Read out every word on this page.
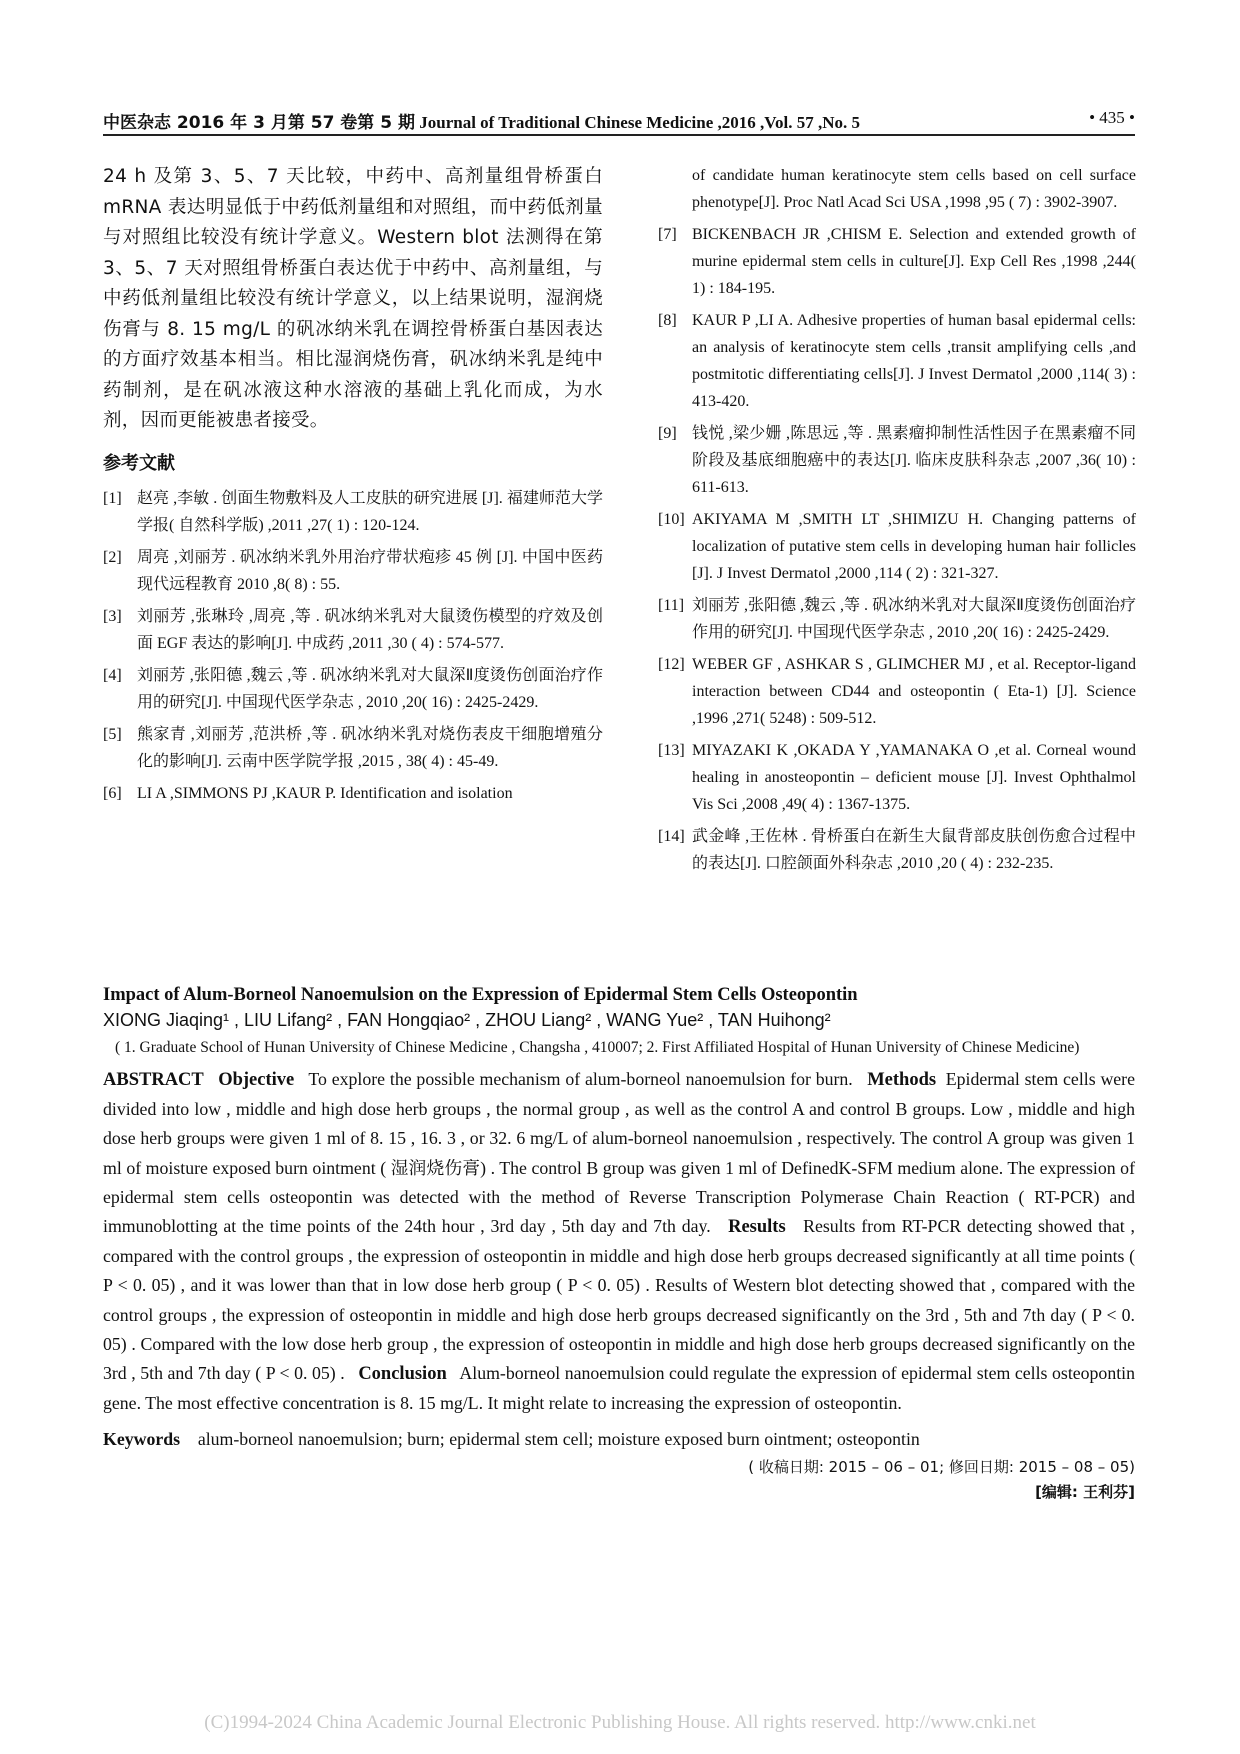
中医杂志 2016 年 3 月第 57 卷第 5 期 Journal of Traditional Chinese Medicine ,2016 ,Vol. 57 ,No. 5	• 435 •

24 h 及第 3、5、7 天比较，中药中、高剂量组骨桥蛋白 mRNA 表达明显低于中药低剂量组和对照组，而中药低剂量与对照组比较没有统计学意义。Western blot 法测得在第 3、5、7 天对照组骨桥蛋白表达优于中药中、高剂量组，与中药低剂量组比较没有统计学意义，以上结果说明，湿润烧伤膏与 8. 15 mg/L 的矾冰纳米乳在调控骨桥蛋白基因表达的方面疗效基本相当。相比湿润烧伤膏，矾冰纳米乳是纯中药制剂，是在矾冰液这种水溶液的基础上乳化而成，为水剂，因而更能被患者接受。

参考文献
[1] 赵亮 ,李敏 . 创面生物敷料及人工皮肤的研究进展 [J]. 福建师范大学学报( 自然科学版) ,2011 ,27( 1) : 120-124.
[2] 周亮 ,刘丽芳 . 矾冰纳米乳外用治疗带状疱疹 45 例 [J]. 中国中医药现代远程教育 2010 ,8( 8) : 55.
[3] 刘丽芳 ,张琳玲 ,周亮 ,等 . 矾冰纳米乳对大鼠烫伤模型的疗效及创面 EGF 表达的影响[J]. 中成药 ,2011 ,30 ( 4) : 574-577.
[4] 刘丽芳 ,张阳德 ,魏云 ,等 . 矾冰纳米乳对大鼠深Ⅱ度烫伤创面治疗作用的研究[J]. 中国现代医学杂志 , 2010 ,20( 16) : 2425-2429.
[5] 熊家青 ,刘丽芳 ,范洪桥 ,等 . 矾冰纳米乳对烧伤表皮干细胞增殖分化的影响[J]. 云南中医学院学报 ,2015 , 38( 4) : 45-49.
[6] LI A ,SIMMONS PJ ,KAUR P. Identification and isolation
of candidate human keratinocyte stem cells based on cell surface phenotype[J]. Proc Natl Acad Sci USA ,1998 ,95 ( 7) : 3902-3907.
[7] BICKENBACH JR ,CHISM E. Selection and extended growth of murine epidermal stem cells in culture[J]. Exp Cell Res ,1998 ,244( 1) : 184-195.
[8] KAUR P ,LI A. Adhesive properties of human basal epidermal cells: an analysis of keratinocyte stem cells ,transit amplifying cells ,and postmitotic differentiating cells[J]. J Invest Dermatol ,2000 ,114( 3) : 413-420.
[9] 钱悦 ,梁少姗 ,陈思远 ,等 . 黑素瘤抑制性活性因子在黑素瘤不同阶段及基底细胞癌中的表达[J]. 临床皮肤科杂志 ,2007 ,36( 10) : 611-613.
[10] AKIYAMA M ,SMITH LT ,SHIMIZU H. Changing patterns of localization of putative stem cells in developing human hair follicles [J]. J Invest Dermatol ,2000 ,114 ( 2) : 321-327.
[11] 刘丽芳 ,张阳德 ,魏云 ,等 . 矾冰纳米乳对大鼠深Ⅱ度烫伤创面治疗作用的研究[J]. 中国现代医学杂志 , 2010 ,20( 16) : 2425-2429.
[12] WEBER GF , ASHKAR S , GLIMCHER MJ , et al. Receptor-ligand interaction between CD44 and osteopontin ( Eta-1) [J]. Science ,1996 ,271( 5248) : 509-512.
[13] MIYAZAKI K ,OKADA Y ,YAMANAKA O ,et al. Corneal wound healing in anosteopontin – deficient mouse [J]. Invest Ophthalmol Vis Sci ,2008 ,49( 4) : 1367-1375.
[14] 武金峰 ,王佐林 . 骨桥蛋白在新生大鼠背部皮肤创伤愈合过程中的表达[J]. 口腔颌面外科杂志 ,2010 ,20 ( 4) : 232-235.
Impact of Alum-Borneol Nanoemulsion on the Expression of Epidermal Stem Cells Osteopontin
XIONG Jiaqing¹ , LIU Lifang² , FAN Hongqiao² , ZHOU Liang² , WANG Yue² , TAN Huihong²
( 1. Graduate School of Hunan University of Chinese Medicine , Changsha , 410007; 2. First Affiliated Hospital of Hunan University of Chinese Medicine)

ABSTRACT Objective To explore the possible mechanism of alum-borneol nanoemulsion for burn. Methods Epidermal stem cells were divided into low , middle and high dose herb groups , the normal group , as well as the control A and control B groups. Low , middle and high dose herb groups were given 1 ml of 8. 15 , 16. 3 , or 32. 6 mg/L of alum-borneol nanoemulsion , respectively. The control A group was given 1 ml of moisture exposed burn ointment ( 湿润烧伤膏) . The control B group was given 1 ml of DefinedK-SFM medium alone. The expression of epidermal stem cells osteopontin was detected with the method of Reverse Transcription Polymerase Chain Reaction ( RT-PCR) and immunoblotting at the time points of the 24th hour , 3rd day , 5th day and 7th day. Results Results from RT-PCR detecting showed that , compared with the control groups , the expression of osteopontin in middle and high dose herb groups decreased significantly at all time points ( P < 0. 05) , and it was lower than that in low dose herb group ( P < 0. 05) . Results of Western blot detecting showed that , compared with the control groups , the expression of osteopontin in middle and high dose herb groups decreased significantly on the 3rd , 5th and 7th day ( P < 0. 05) . Compared with the low dose herb group , the expression of osteopontin in middle and high dose herb groups decreased significantly on the 3rd , 5th and 7th day ( P < 0. 05) . Conclusion Alum-borneol nanoemulsion could regulate the expression of epidermal stem cells osteopontin gene. The most effective concentration is 8. 15 mg/L. It might relate to increasing the expression of osteopontin.

Keywords alum-borneol nanoemulsion; burn; epidermal stem cell; moisture exposed burn ointment; osteopontin
( 收稿日期: 2015 – 06 – 01; 修回日期: 2015 – 08 – 05)
[编辑: 王利芬]
(C)1994-2024 China Academic Journal Electronic Publishing House. All rights reserved. http://www.cnki.net
